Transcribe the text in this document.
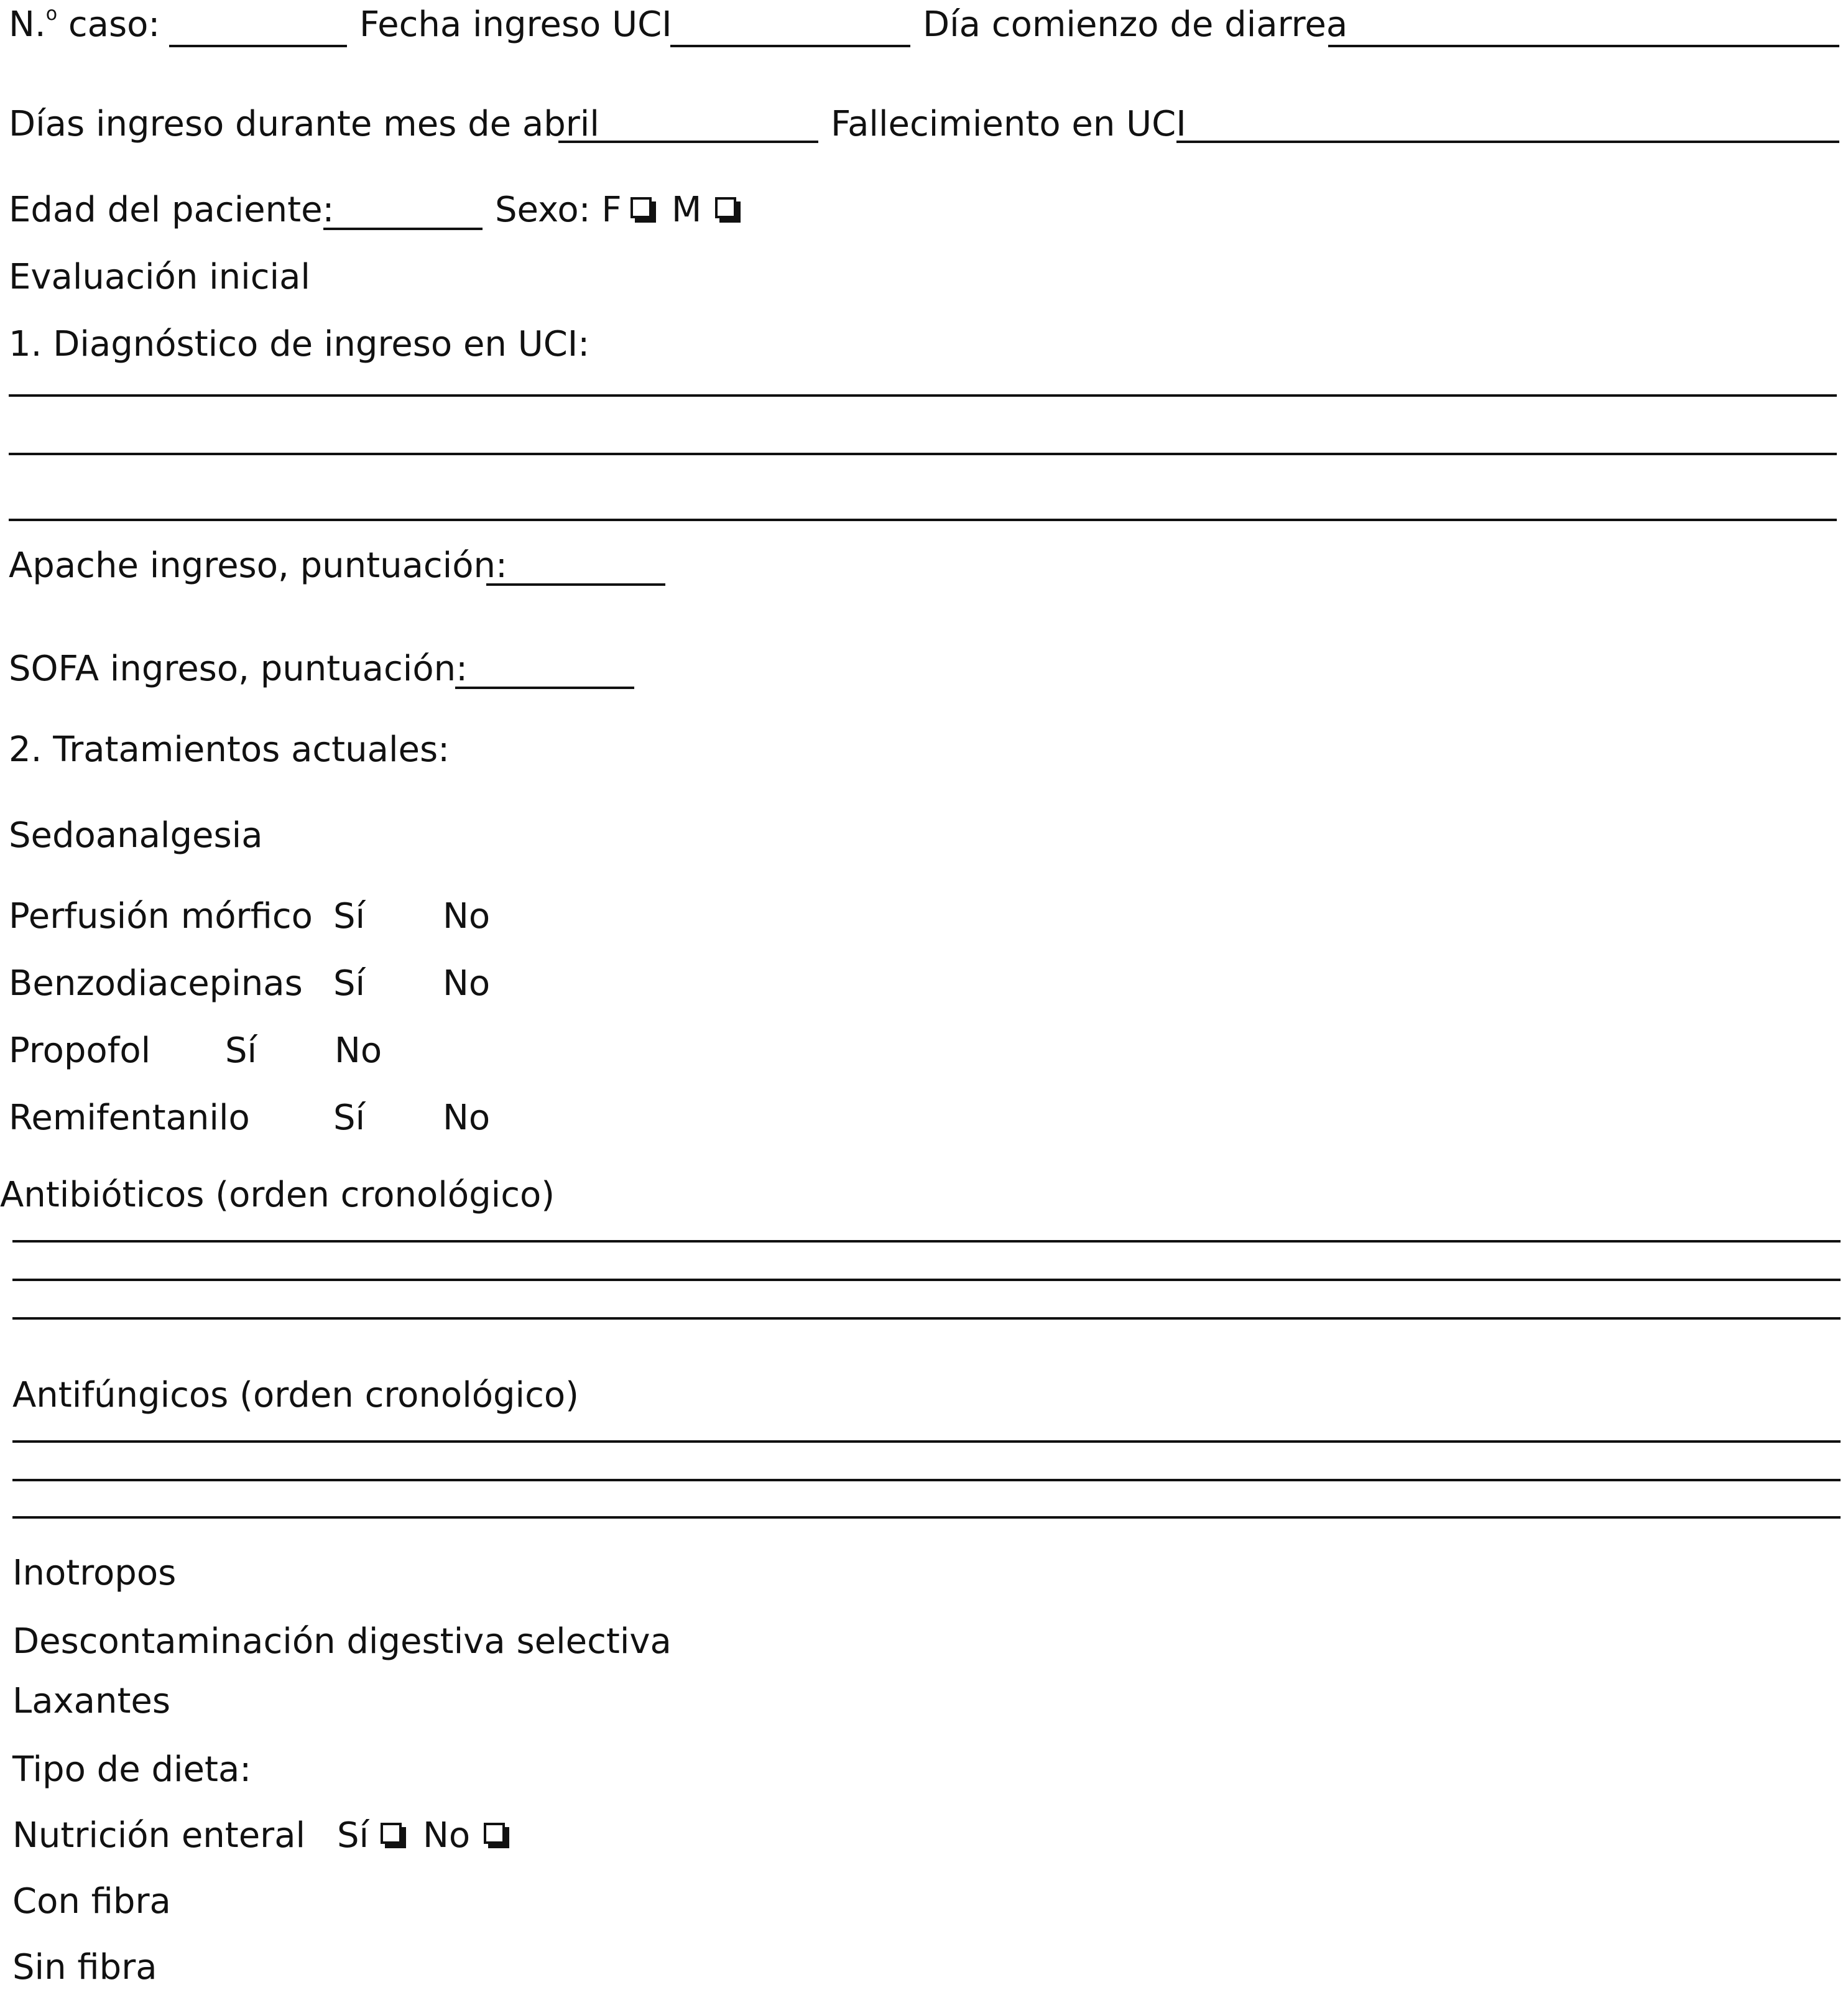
N.$^o$ caso:	Fecha ingreso UCI	Día comienzo de diarrea
Días ingreso durante mes de abril	Fallecimiento en UCI
Edad del paciente:	Sexo: F M
Evaluación inicial
1. Diagnóstico de ingreso en UCI:
Apache ingreso, puntuación:
SOFA ingreso, puntuación:
2. Tratamientos actuales:
Sedoanalgesia
Perfusión mórfico Sí No
Benzodiacepinas Sí No
Propofol Sí No
Remifentanilo Sí No
Antibióticos (orden cronológico)
Antifúngicos (orden cronológico)
Inotropos
Descontaminación digestiva selectiva
Laxantes
Tipo de dieta:
Nutrición enteral Sí No
Con fibra
Sin fibra
